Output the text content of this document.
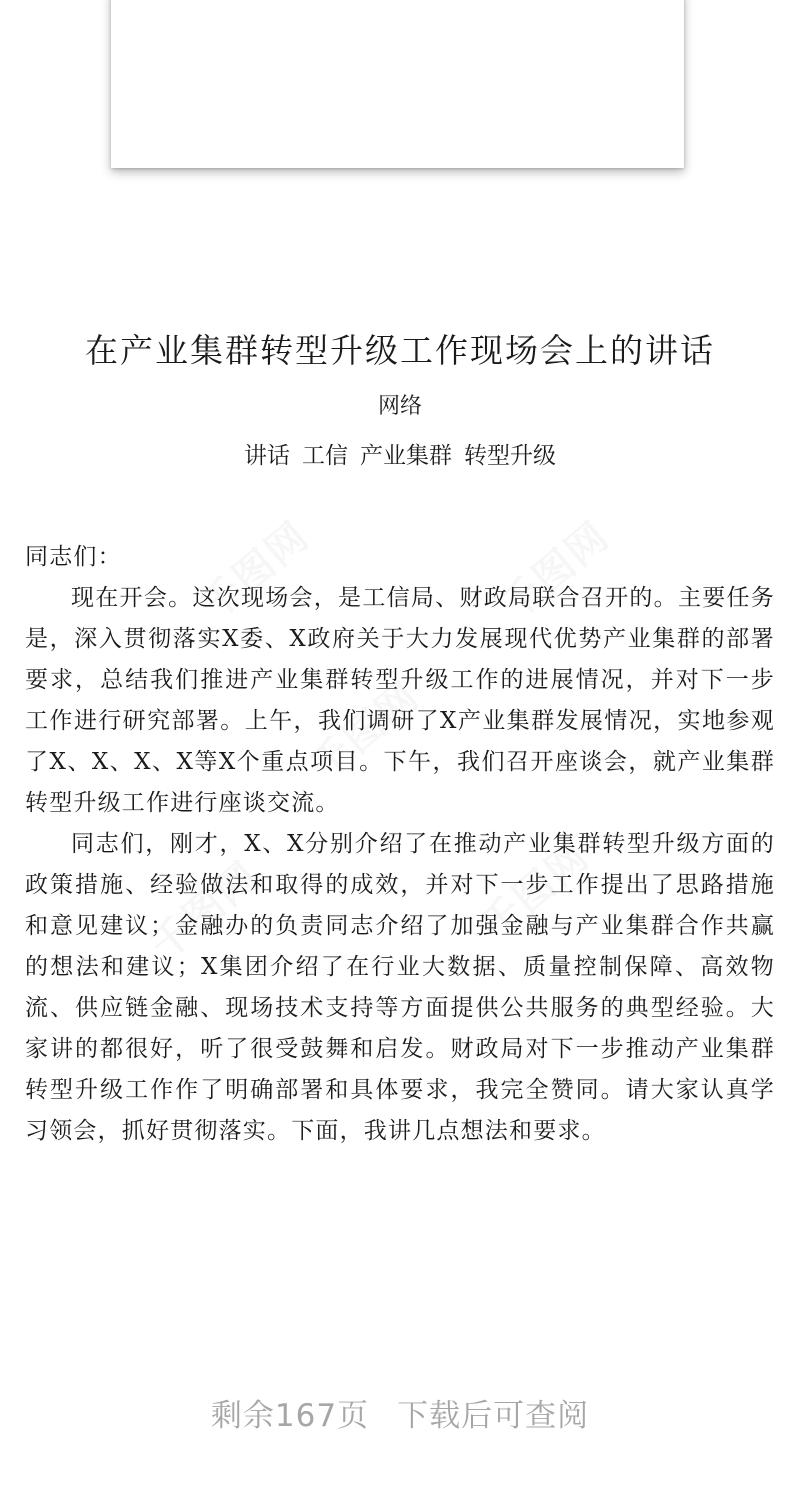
在产业集群转型升级工作现场会上的讲话
网络
讲话 工信 产业集群 转型升级

同志们：

现在开会。这次现场会，是工信局、财政局联合召开的。主要任务是，深入贯彻落实X委、X政府关于大力发展现代优势产业集群的部署要求，总结我们推进产业集群转型升级工作的进展情况，并对下一步工作进行研究部署。上午，我们调研了X产业集群发展情况，实地参观了X、X、X、X等X个重点项目。下午，我们召开座谈会，就产业集群转型升级工作进行座谈交流。

同志们，刚才，X、X分别介绍了在推动产业集群转型升级方面的政策措施、经验做法和取得的成效，并对下一步工作提出了思路措施和意见建议；金融办的负责同志介绍了加强金融与产业集群合作共赢的想法和建议；X集团介绍了在行业大数据、质量控制保障、高效物流、供应链金融、现场技术支持等方面提供公共服务的典型经验。大家讲的都很好，听了很受鼓舞和启发。财政局对下一步推动产业集群转型升级工作作了明确部署和具体要求，我完全赞同。请大家认真学习领会，抓好贯彻落实。下面，我讲几点想法和要求。

剩余167页 下载后可查阅
